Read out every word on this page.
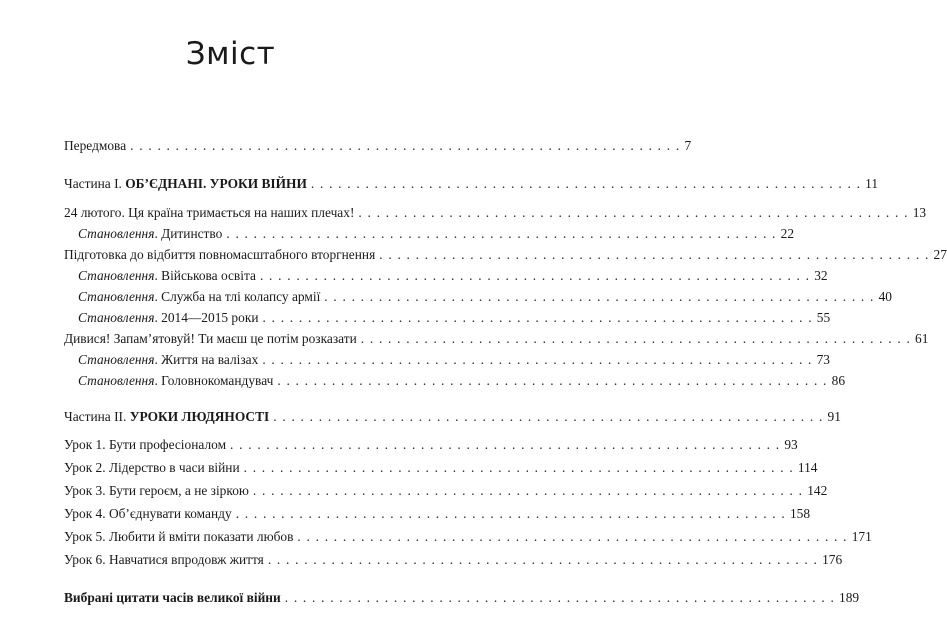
Зміст
Передмова . . . . . . . . . . . . . . . . . . . . . . . . . . . . . . . . . . . . . . . . . . . . . . . . . . . . . . . . . . . . . 7
Частина I. ОБ’ЄДНАНІ. УРОКИ ВІЙНИ . . . . . . . . . . . . . . . . . . . . . . . . . . . . . . . . . . . . . . . . . . . . . . . . . . . . . . . . . . . . . 11
24 лютого. Ця країна тримається на наших плечах! . . . . . . . . . . . . . . . . . . . . . . . . . . . . . . . . . . . . . . . . . . . . . . . . . . . . . . . . . . . . . 13
Становлення. Дитинство . . . . . . . . . . . . . . . . . . . . . . . . . . . . . . . . . . . . . . . . . . . . . . . . . . . . . . . . . . . . . 22
Підготовка до відбиття повномасштабного вторгнення . . . . . . . . . . . . . . . . . . . . . . . . . . . . . . . . . . . . . . . . . . . . . . . . . . . . . . . . . . . . . 27
Становлення. Військова освіта . . . . . . . . . . . . . . . . . . . . . . . . . . . . . . . . . . . . . . . . . . . . . . . . . . . . . . . . . . . . . 32
Становлення. Служба на тлі колапсу армії . . . . . . . . . . . . . . . . . . . . . . . . . . . . . . . . . . . . . . . . . . . . . . . . . . . . . . . . . . . . . 40
Становлення. 2014—2015 роки . . . . . . . . . . . . . . . . . . . . . . . . . . . . . . . . . . . . . . . . . . . . . . . . . . . . . . . . . . . . . 55
Дивися! Запам’ятовуй! Ти маєш це потім розказати . . . . . . . . . . . . . . . . . . . . . . . . . . . . . . . . . . . . . . . . . . . . . . . . . . . . . . . . . . . . . 61
Становлення. Життя на валізах . . . . . . . . . . . . . . . . . . . . . . . . . . . . . . . . . . . . . . . . . . . . . . . . . . . . . . . . . . . . . 73
Становлення. Головнокомандувач . . . . . . . . . . . . . . . . . . . . . . . . . . . . . . . . . . . . . . . . . . . . . . . . . . . . . . . . . . . . . 86
Частина II. УРОКИ ЛЮДЯНОСТІ . . . . . . . . . . . . . . . . . . . . . . . . . . . . . . . . . . . . . . . . . . . . . . . . . . . . . . . . . . . . . 91
Урок 1. Бути професіоналом . . . . . . . . . . . . . . . . . . . . . . . . . . . . . . . . . . . . . . . . . . . . . . . . . . . . . . . . . . . . . 93
Урок 2. Лідерство в часи війни . . . . . . . . . . . . . . . . . . . . . . . . . . . . . . . . . . . . . . . . . . . . . . . . . . . . . . . . . . . . . 114
Урок 3. Бути героєм, а не зіркою . . . . . . . . . . . . . . . . . . . . . . . . . . . . . . . . . . . . . . . . . . . . . . . . . . . . . . . . . . . . . 142
Урок 4. Об’єднувати команду . . . . . . . . . . . . . . . . . . . . . . . . . . . . . . . . . . . . . . . . . . . . . . . . . . . . . . . . . . . . . 158
Урок 5. Любити й вміти показати любов . . . . . . . . . . . . . . . . . . . . . . . . . . . . . . . . . . . . . . . . . . . . . . . . . . . . . . . . . . . . . 171
Урок 6. Навчатися впродовж життя . . . . . . . . . . . . . . . . . . . . . . . . . . . . . . . . . . . . . . . . . . . . . . . . . . . . . . . . . . . . . 176
Вибрані цитати часів великої війни . . . . . . . . . . . . . . . . . . . . . . . . . . . . . . . . . . . . . . . . . . . . . . . . . . . . . . . . . . . . . 189
